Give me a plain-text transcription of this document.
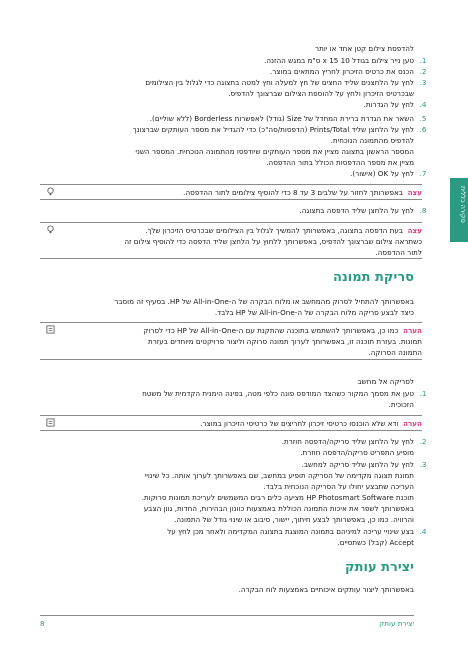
סקירה כללית

להדפסת צילום קטן אחד או יותר

1.

טען נייר צילום בגודל 10 x 15 ס"מ במגש ההזנה.

2.

הכנס את כרטיס הזיכרון לחריץ המתאים במוצר.

3.

לחץ על הלחצנים שליד החצים של חץ למעלה וחץ למטה בתצוגה כדי לגלול בין הצילומים

שבכרטיס הזיכרון ולחץ על להוספת הצילום שברצונך להדפיס.

4.

לחץ על הגדרות.

5.

השאר את הגדרת ברירת המחדל של Size (גודל) לאפשרות Borderless (ללא שוליים).

6.

לחץ על הלחצן שליד Prints/Total (הדפסות/סה"כ) כדי להגדיל את מספר העותקים שברצונך

להדפיס מהתמונה הנוכחית.

המספר הראשון בתצוגה מציין את מספר העותקים שיודפסו מהתמונה הנוכחית. המספר השני

מציין את מספר ההדפסות הכולל בתור ההדפסה.

7.

לחץ על OK (אישור).

עצה  באפשרותך לחזור על שלבים 3 עד 8 כדי להוסיף צילומים לתור ההדפסה.

8.

לחץ על הלחצן שליד הדפסה בתצוגה.

עצה  בעת הדפסה בתצוגה, באפשרותך להמשיך לגלול בין הצילומים שבכרטיס הזיכרון שלך.

כשתראה צילום שברצונך להדפיס, באפשרותך ללחוץ על הלחצן שליד הדפסה כדי להוסיף צילום זה

לתור ההדפסה.

סריקת תמונה

באפשרותך להתחיל לסרוק מהמחשב או מלוח הבקרה של ה-All-in-One של HP. בסעיף זה מוסבר

כיצד לבצע סריקה מלוח הבקרה של ה-All-in-One של HP בלבד.

הערה  כמו כן, באפשרותך להשתמש בתוכנה שהתקנת עם ה-All-in-One של HP כדי לסרוק

תמונות. בעזרת תוכנה זו, באפשרותך לערוך תמונה סרוקה וליצור פרויקטים מיוחדים בעזרת

התמונה הסרוקה.

לסריקה אל מחשב

1.

טען את מסמך המקור כשהצד המודפס פונה כלפי מטה, בפינה הימנית הקדמית של משטח

הזכוכית.

הערה  ודא שלא הוכנסו כרטיסי זיכרון לחריצים של כרטיסי הזיכרון במוצר.

2.

לחץ על הלחצן שליד סריקה/הדפסה חוזרת.

מופיע התפריט סריקה/הדפסה חוזרת.

3.

לחץ על הלחצן שליד סריקה למחשב.

תמונת תצוגה מקדימה של הסריקה תופיע במחשב, שם באפשרותך לערוך אותה. כל שינויי

העריכה שתבצע יחולו על הסריקה הנוכחית בלבד.

תוכנת HP Photosmart Software מציעה כלים רבים המשמשים לעריכת תמונות סרוקות.

באפשרותך לשפר את איכות התמונה הכוללת באמצעות כוונון הבהירות, החדות, גוון הצבע

והרוויה. כמו כן, באפשרותך לבצע חיתוך, יישור, סיבוב או שינוי גודל של התמונה.

4.

בצע שינויי עריכה למיניהם בתמונה המוצגת בתצוגה המקדימה ולאחר מכן לחץ על

Accept (קבל) כשתסיים.

יצירת עותק

באפשרותך ליצור עותקים איכותיים באמצעות לוח הבקרה.

יצירת עותק
8
